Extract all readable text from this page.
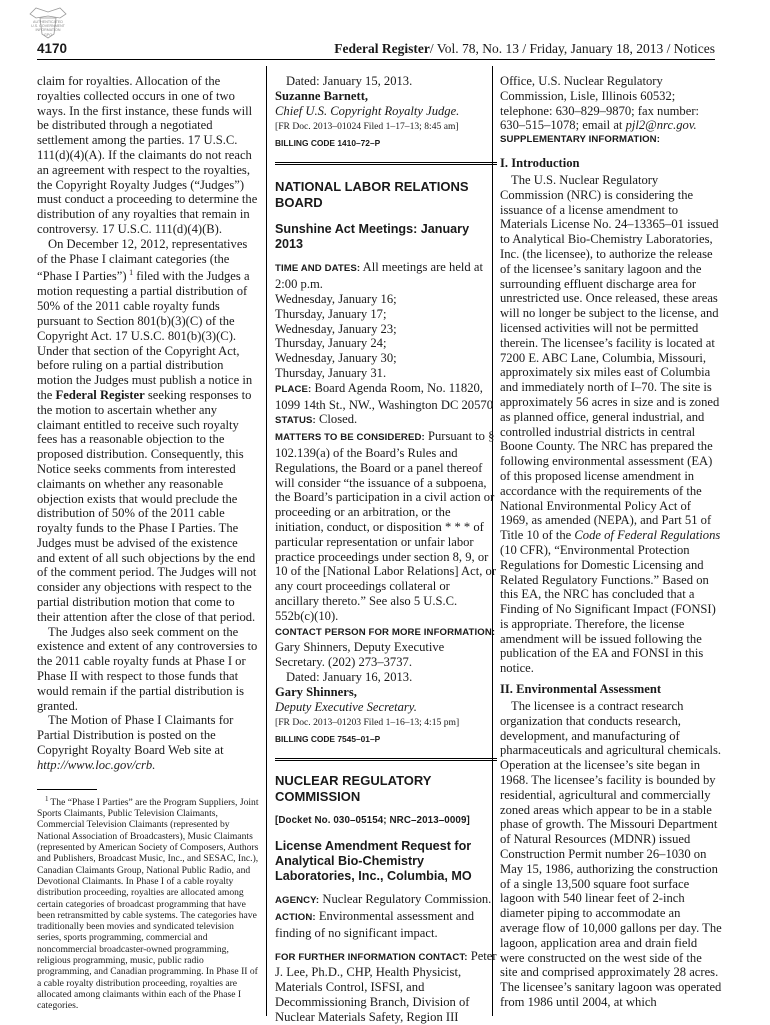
AUTHENTICATED
U.S. GOVERNMENT
INFORMATION
GPO
4170	Federal Register/ Vol. 78, No. 13 / Friday, January 18, 2013 / Notices

claim for royalties. Allocation of the royalties collected occurs in one of two ways. In the first instance, these funds will be distributed through a negotiated settlement among the parties. 17 U.S.C. 111(d)(4)(A). If the claimants do not reach an agreement with respect to the royalties, the Copyright Royalty Judges (“Judges”) must conduct a proceeding to determine the distribution of any royalties that remain in controversy. 17 U.S.C. 111(d)(4)(B).

On December 12, 2012, representatives of the Phase I claimant categories (the “Phase I Parties”)  $^1$ filed with the Judges a motion requesting a partial distribution of 50% of the 2011 cable royalty funds pursuant to Section 801(b)(3)(C) of the Copyright Act. 17 U.S.C. 801(b)(3)(C). Under that section of the Copyright Act, before ruling on a partial distribution motion the Judges must publish a notice in the Federal Register seeking responses to the motion to ascertain whether any claimant entitled to receive such royalty fees has a reasonable objection to the proposed distribution. Consequently, this Notice seeks comments from interested claimants on whether any reasonable objection exists that would preclude the distribution of 50% of the 2011 cable royalty funds to the Phase I Parties. The Judges must be advised of the existence and extent of all such objections by the end of the comment period. The Judges will not consider any objections with respect to the partial distribution motion that come to their attention after the close of that period.

The Judges also seek comment on the existence and extent of any controversies to the 2011 cable royalty funds at Phase I or Phase II with respect to those funds that would remain if the partial distribution is granted.

The Motion of Phase I Claimants for Partial Distribution is posted on the Copyright Royalty Board Web site at http://www.loc.gov/crb.

$^1$  The “Phase I Parties” are the Program Suppliers, Joint Sports Claimants, Public Television Claimants, Commercial Television Claimants (represented by National Association of Broadcasters), Music Claimants (represented by American Society of Composers, Authors and Publishers, Broadcast Music, Inc., and SESAC, Inc.), Canadian Claimants Group, National Public Radio, and Devotional Claimants. In Phase I of a cable royalty distribution proceeding, royalties are allocated among certain categories of broadcast programming that have been retransmitted by cable systems. The categories have traditionally been movies and syndicated television series, sports programming, commercial and noncommercial broadcaster-owned programming, religious programming, music, public radio programming, and Canadian programming. In Phase II of a cable royalty distribution proceeding, royalties are allocated among claimants within each of the Phase I categories.

Dated: January 15, 2013.

Suzanne Barnett,

Chief U.S. Copyright Royalty Judge.

[FR Doc. 2013–01024 Filed 1–17–13; 8:45 am]

BILLING CODE 1410–72–P

NATIONAL LABOR RELATIONS BOARD

Sunshine Act Meetings: January 2013

TIME AND DATES: All meetings are held at 2:00 p.m.

Wednesday, January 16;

Thursday, January 17;

Wednesday, January 23;

Thursday, January 24;

Wednesday, January 30;

Thursday, January 31.

PLACE: Board Agenda Room, No. 11820, 1099 14th St., NW., Washington DC 20570

STATUS: Closed.

MATTERS TO BE CONSIDERED: Pursuant to § 102.139(a) of the Board’s Rules and Regulations, the Board or a panel thereof will consider “the issuance of a subpoena, the Board’s participation in a civil action or proceeding or an arbitration, or the initiation, conduct, or disposition * * * of particular representation or unfair labor practice proceedings under section 8, 9, or 10 of the [National Labor Relations] Act, or any court proceedings collateral or ancillary thereto.” See also 5 U.S.C. 552b(c)(10).

CONTACT PERSON FOR MORE INFORMATION: Gary Shinners, Deputy Executive Secretary. (202) 273–3737.

Dated: January 16, 2013.

Gary Shinners,

Deputy Executive Secretary.

[FR Doc. 2013–01203 Filed 1–16–13; 4:15 pm]

BILLING CODE 7545–01–P

NUCLEAR REGULATORY COMMISSION

[Docket No. 030–05154; NRC–2013–0009]

License Amendment Request for Analytical Bio-Chemistry Laboratories, Inc., Columbia, MO

AGENCY: Nuclear Regulatory Commission.

ACTION: Environmental assessment and finding of no significant impact.

FOR FURTHER INFORMATION CONTACT: Peter J. Lee, Ph.D., CHP, Health Physicist, Materials Control, ISFSI, and Decommissioning Branch, Division of Nuclear Materials Safety, Region III

Office, U.S. Nuclear Regulatory Commission, Lisle, Illinois 60532; telephone: 630–829–9870; fax number: 630–515–1078; email at pjl2@nrc.gov.

SUPPLEMENTARY INFORMATION:

I. Introduction

The U.S. Nuclear Regulatory Commission (NRC) is considering the issuance of a license amendment to Materials License No. 24–13365–01 issued to Analytical Bio-Chemistry Laboratories, Inc. (the licensee), to authorize the release of the licensee’s sanitary lagoon and the surrounding effluent discharge area for unrestricted use. Once released, these areas will no longer be subject to the license, and licensed activities will not be permitted therein. The licensee’s facility is located at 7200 E. ABC Lane, Columbia, Missouri, approximately six miles east of Columbia and immediately north of I–70. The site is approximately 56 acres in size and is zoned as planned office, general industrial, and controlled industrial districts in central Boone County. The NRC has prepared the following environmental assessment (EA) of this proposed license amendment in accordance with the requirements of the National Environmental Policy Act of 1969, as amended (NEPA), and Part 51 of Title 10 of the Code of Federal Regulations (10 CFR), “Environmental Protection Regulations for Domestic Licensing and Related Regulatory Functions.” Based on this EA, the NRC has concluded that a Finding of No Significant Impact (FONSI) is appropriate. Therefore, the license amendment will be issued following the publication of the EA and FONSI in this notice.

II. Environmental Assessment

The licensee is a contract research organization that conducts research, development, and manufacturing of pharmaceuticals and agricultural chemicals. Operation at the licensee’s site began in 1968. The licensee’s facility is bounded by residential, agricultural and commercially zoned areas which appear to be in a stable phase of growth. The Missouri Department of Natural Resources (MDNR) issued Construction Permit number 26–1030 on May 15, 1986, authorizing the construction of a single 13,500 square foot surface lagoon with 540 linear feet of 2-inch diameter piping to accommodate an average flow of 10,000 gallons per day. The lagoon, application area and drain field were constructed on the west side of the site and comprised approximately 28 acres. The licensee’s sanitary lagoon was operated from 1986 until 2004, at which
